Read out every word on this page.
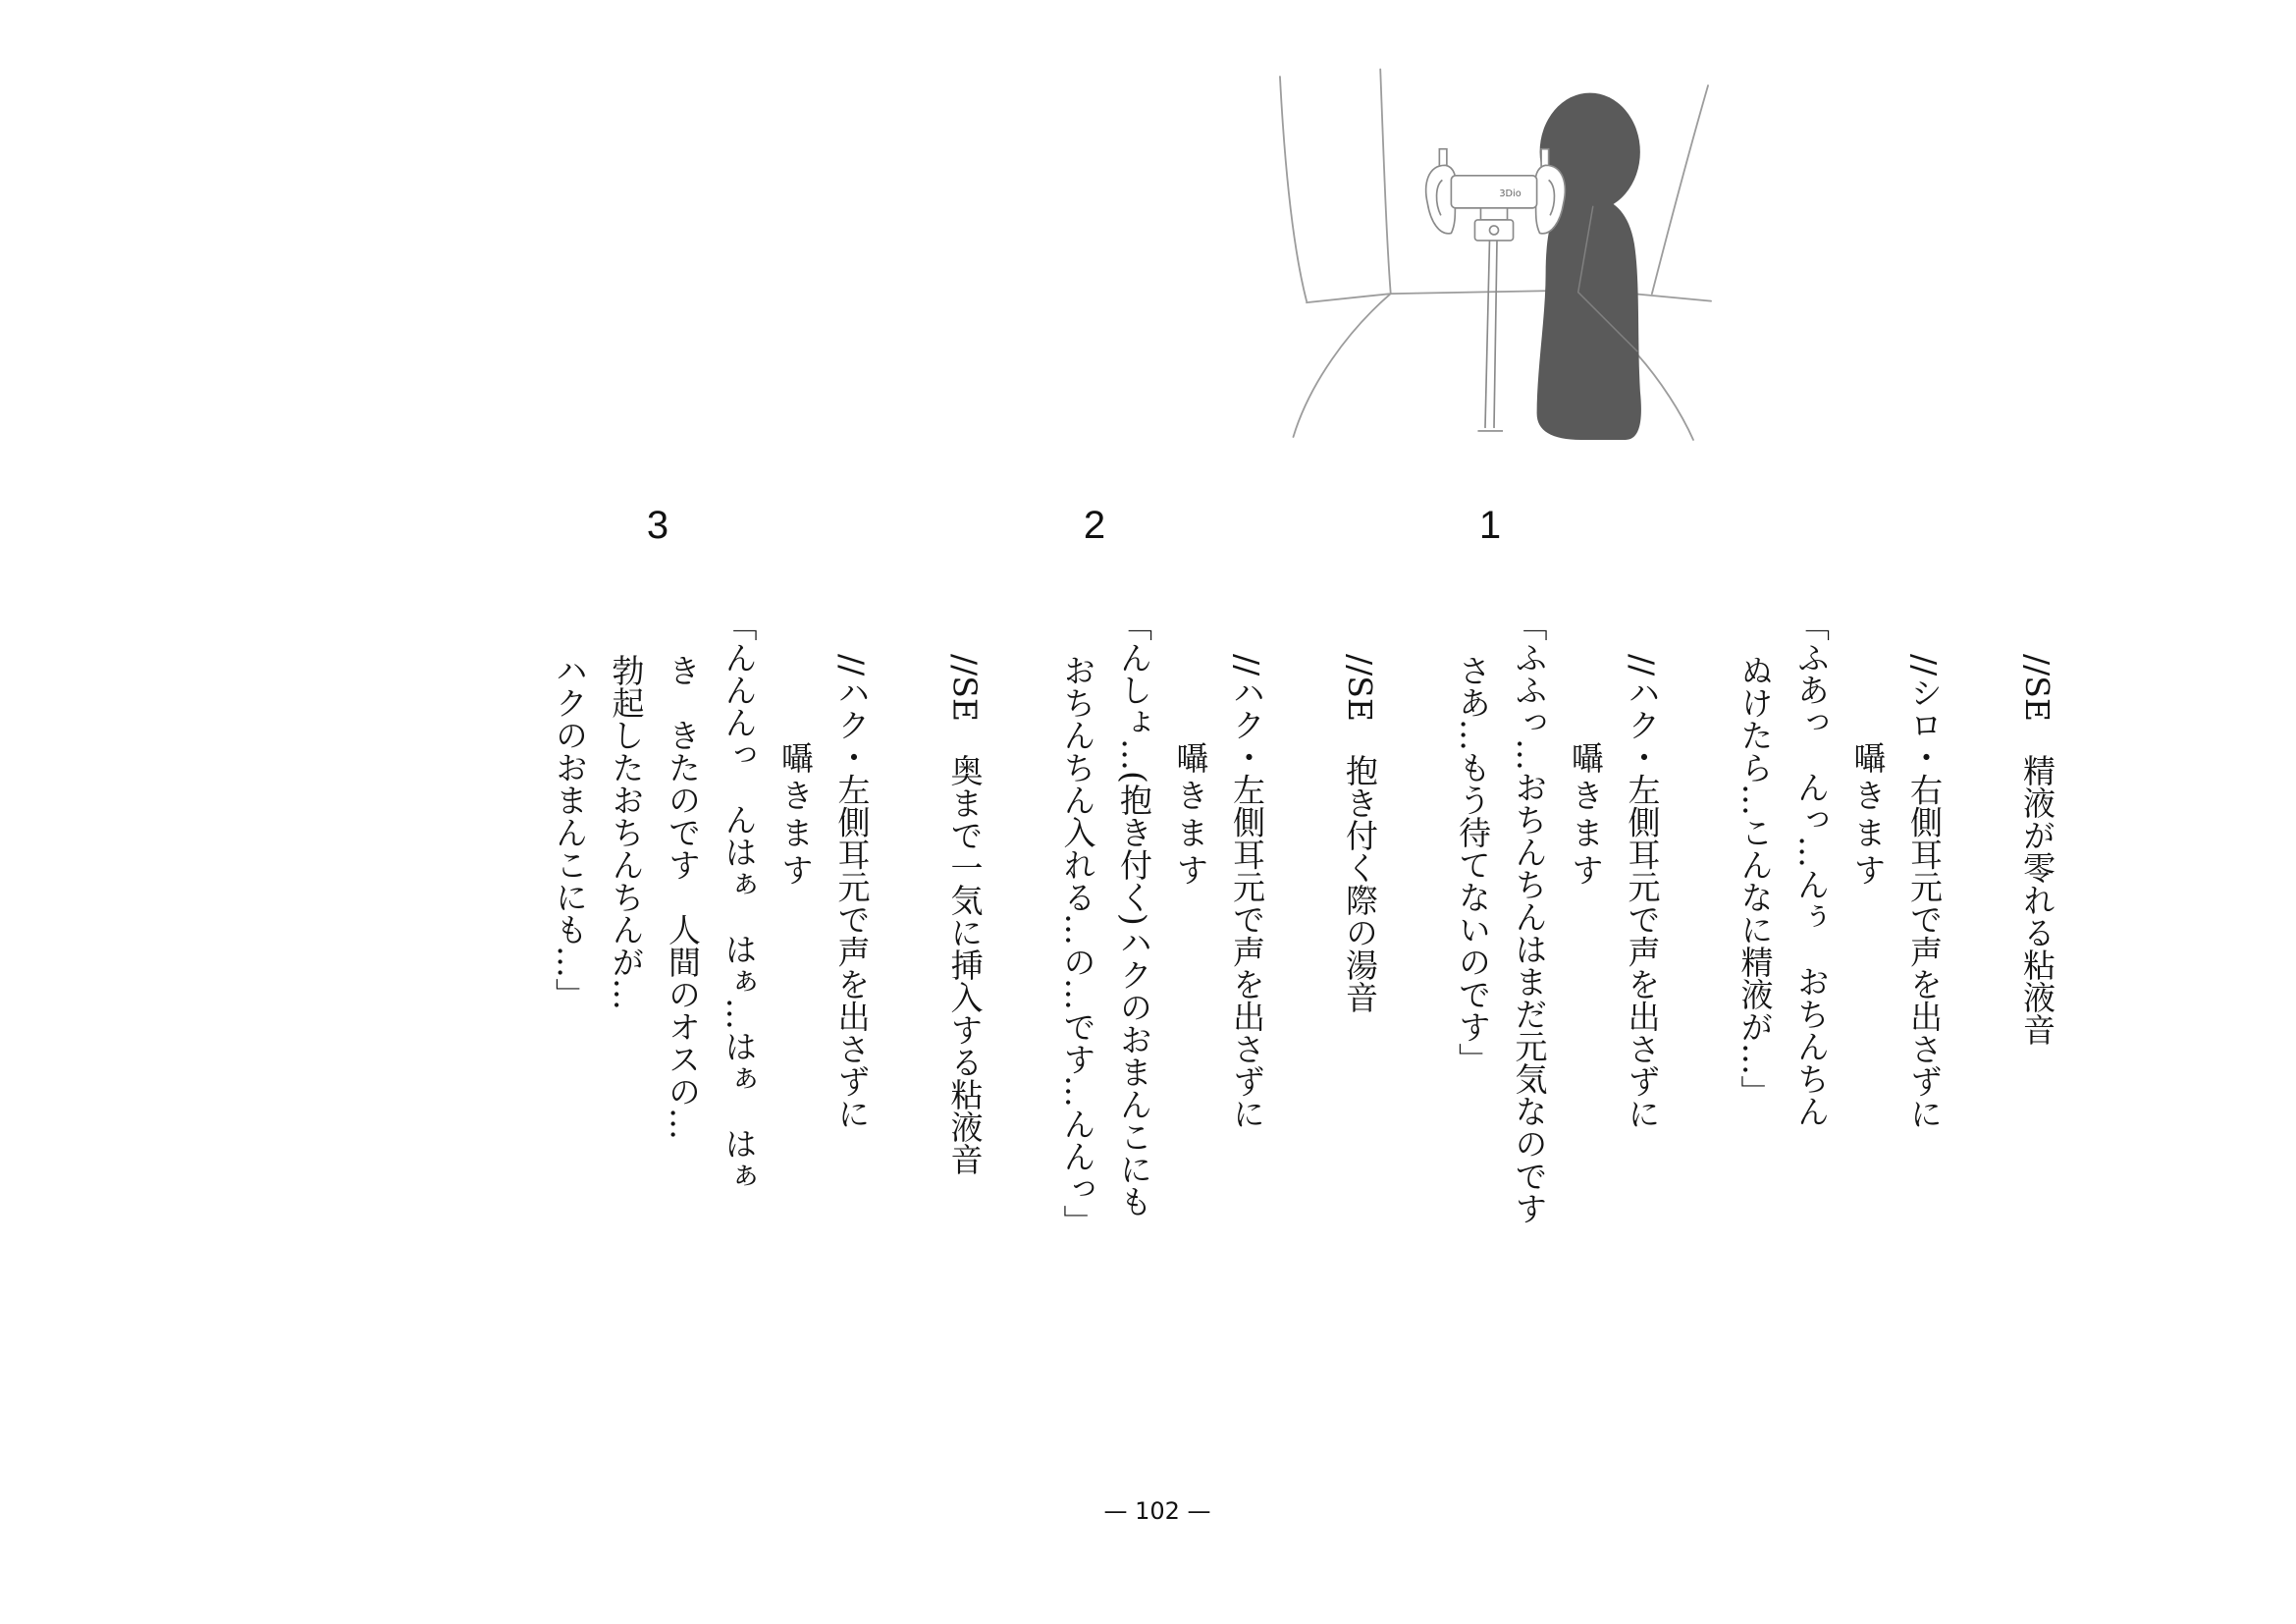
3Dio
1
2
3
//SE　精液が零れる粘液音
//シロ・右側耳元で声を出さずに
囁きます
「ふあっ　んっ…んぅ　おちんちん
ぬけたら…こんなに精液が…」
//ハク・左側耳元で声を出さずに
囁きます
「ふふっ…おちんちんはまだ元気なのです
さあ…もう待てないのです」
//SE　抱き付く際の湯音
//ハク・左側耳元で声を出さずに
囁きます
「んしょ…(抱き付く)ハクのおまんこにも
おちんちん入れる…の…です…んんっ」
//SE　奥まで一気に挿入する粘液音
//ハク・左側耳元で声を出さずに
囁きます
「んんんっ　んはぁ　はぁ…はぁ　はぁ
き　きたのです　人間のオスの…
勃起したおちんちんが…
ハクのおまんこにも…」
— 102 —
